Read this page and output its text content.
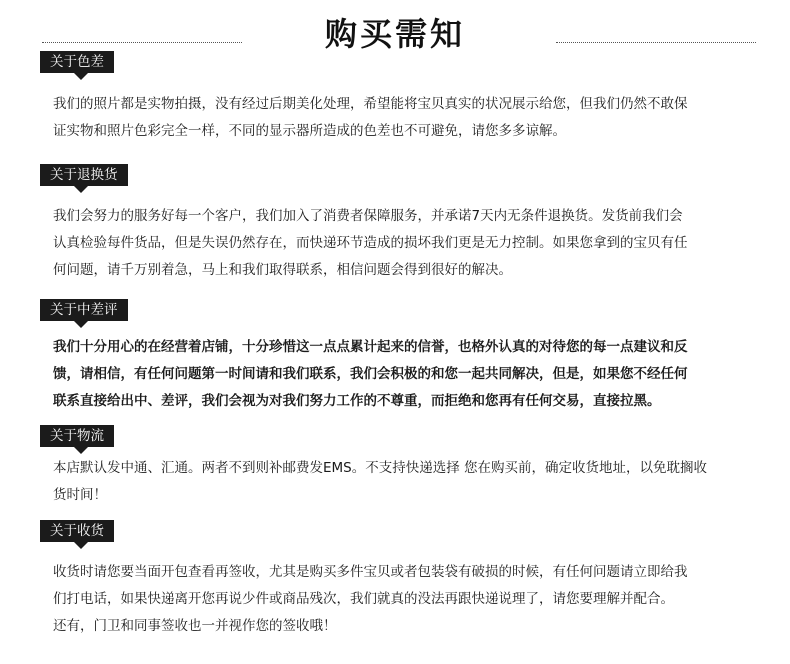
购买需知
关于色差
我们的照片都是实物拍摄，没有经过后期美化处理，希望能将宝贝真实的状况展示给您，但我们仍然不敢保
证实物和照片色彩完全一样，不同的显示器所造成的色差也不可避免，请您多多谅解。
关于退换货
我们会努力的服务好每一个客户，我们加入了消费者保障服务，并承诺7天内无条件退换货。发货前我们会
认真检验每件货品，但是失误仍然存在，而快递环节造成的损坏我们更是无力控制。如果您拿到的宝贝有任
何问题，请千万别着急，马上和我们取得联系，相信问题会得到很好的解决。
关于中差评
我们十分用心的在经营着店铺，十分珍惜这一点点累计起来的信誉，也格外认真的对待您的每一点建议和反
馈，请相信，有任何问题第一时间请和我们联系，我们会积极的和您一起共同解决，但是，如果您不经任何
联系直接给出中、差评，我们会视为对我们努力工作的不尊重，而拒绝和您再有任何交易，直接拉黑。
关于物流
本店默认发中通、汇通。两者不到则补邮费发EMS。不支持快递选择 您在购买前，确定收货地址，以免耽搁收
货时间！
关于收货
收货时请您要当面开包查看再签收，尤其是购买多件宝贝或者包装袋有破损的时候，有任何问题请立即给我
们打电话，如果快递离开您再说少件或商品残次，我们就真的没法再跟快递说理了，请您要理解并配合。
还有，门卫和同事签收也一并视作您的签收哦！
